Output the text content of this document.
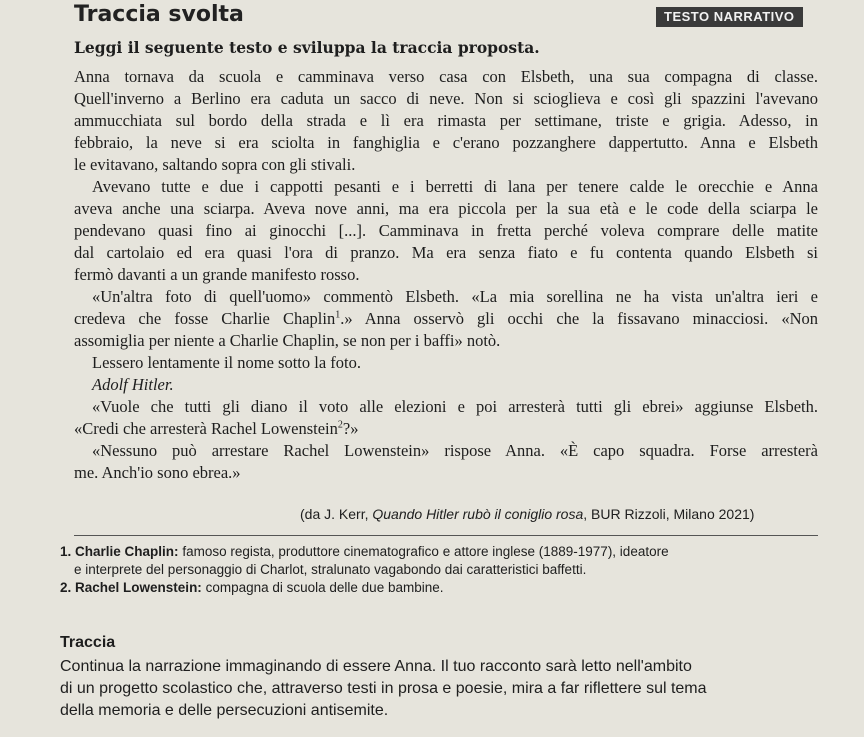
Traccia svolta	TESTO NARRATIVO
Leggi il seguente testo e sviluppa la traccia proposta.
Anna tornava da scuola e camminava verso casa con Elsbeth, una sua compagna di classe.
Quell'inverno a Berlino era caduta un sacco di neve. Non si scioglieva e così gli spazzini l'avevano
ammucchiata sul bordo della strada e lì era rimasta per settimane, triste e grigia. Adesso, in
febbraio, la neve si era sciolta in fanghiglia e c'erano pozzanghere dappertutto. Anna e Elsbeth
le evitavano, saltando sopra con gli stivali.
Avevano tutte e due i cappotti pesanti e i berretti di lana per tenere calde le orecchie e Anna
aveva anche una sciarpa. Aveva nove anni, ma era piccola per la sua età e le code della sciarpa le
pendevano quasi fino ai ginocchi [...]. Camminava in fretta perché voleva comprare delle matite
dal cartolaio ed era quasi l'ora di pranzo. Ma era senza fiato e fu contenta quando Elsbeth si
fermò davanti a un grande manifesto rosso.
«Un'altra foto di quell'uomo» commentò Elsbeth. «La mia sorellina ne ha vista un'altra ieri e
credeva che fosse Charlie Chaplin$^1$.» Anna osservò gli occhi che la fissavano minacciosi. «Non
assomiglia per niente a Charlie Chaplin, se non per i baffi» notò.
Lessero lentamente il nome sotto la foto.
Adolf Hitler.
«Vuole che tutti gli diano il voto alle elezioni e poi arresterà tutti gli ebrei» aggiunse Elsbeth.
«Credi che arresterà Rachel Lowenstein$^2$?»
«Nessuno può arrestare Rachel Lowenstein» rispose Anna. «È capo squadra. Forse arresterà
me. Anch'io sono ebrea.»
(da J. Kerr, Quando Hitler rubò il coniglio rosa, BUR Rizzoli, Milano 2021)

1. Charlie Chaplin: famoso regista, produttore cinematografico e attore inglese (1889-1977), ideatore
e interprete del personaggio di Charlot, stralunato vagabondo dai caratteristici baffetti.

2. Rachel Lowenstein: compagna di scuola delle due bambine.

Traccia
Continua la narrazione immaginando di essere Anna. Il tuo racconto sarà letto nell'ambito
di un progetto scolastico che, attraverso testi in prosa e poesie, mira a far riflettere sul tema
della memoria e delle persecuzioni antisemite.
